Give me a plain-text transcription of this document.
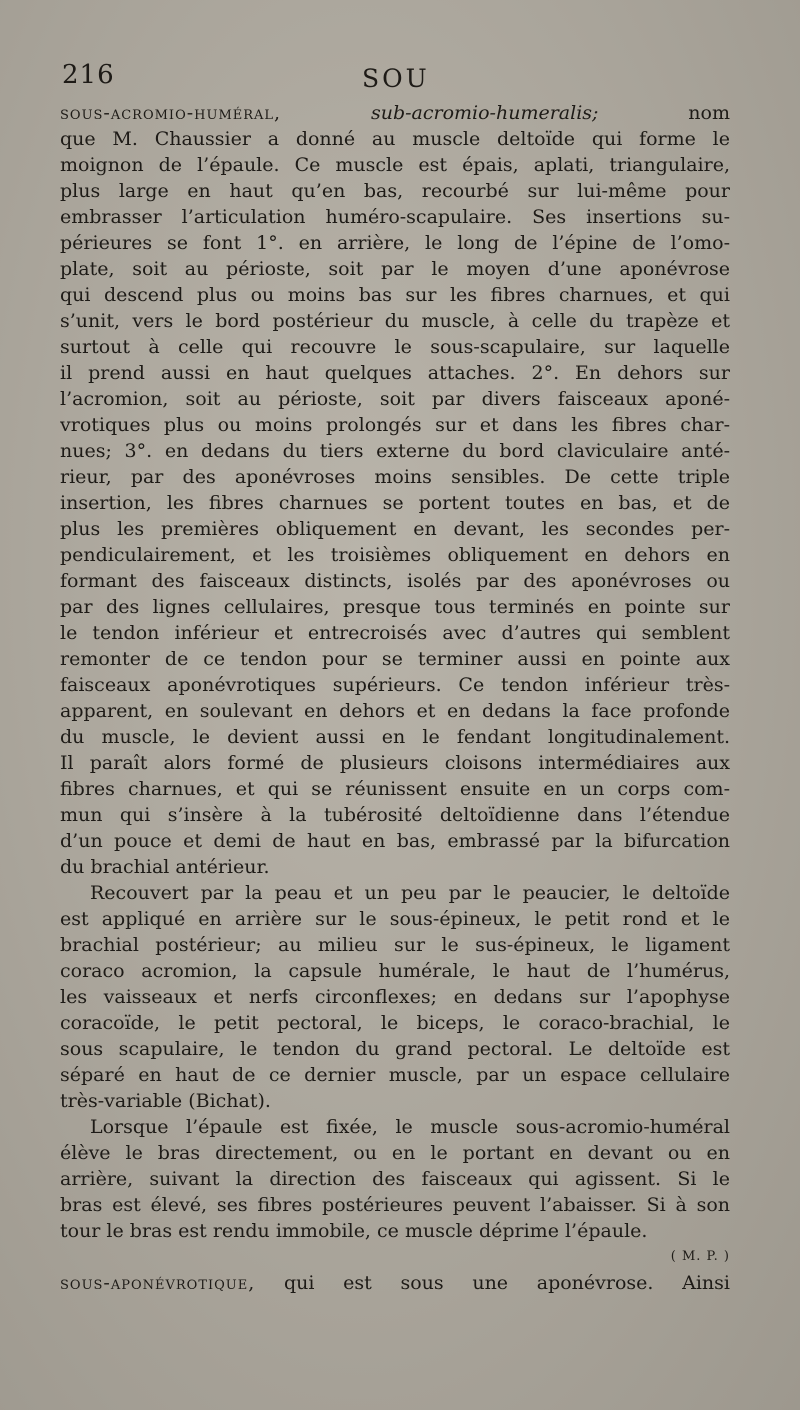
216	SOU
sous-acromio-huméral,	sub-acromio-humeralis; nom
que M. Chaussier a donné au muscle deltoïde qui forme le
moignon de l’épaule. Ce muscle est épais, aplati, triangulaire,
plus large en haut qu’en bas, recourbé sur lui-même pour
embrasser l’articulation huméro-scapulaire. Ses insertions su-
périeures se font 1°. en arrière, le long de l’épine de l’omo-
plate, soit au périoste, soit par le moyen d’une aponévrose
qui descend plus ou moins bas sur les fibres charnues, et qui
s’unit, vers le bord postérieur du muscle, à celle du trapèze et
surtout à celle qui recouvre le sous-scapulaire, sur laquelle
il prend aussi en haut quelques attaches. 2°. En dehors sur
l’acromion, soit au périoste, soit par divers faisceaux aponé-
vrotiques plus ou moins prolongés sur et dans les fibres char-
nues; 3°. en dedans du tiers externe du bord claviculaire anté-
rieur, par des aponévroses moins sensibles. De cette triple
insertion, les fibres charnues se portent toutes en bas, et de
plus les premières obliquement en devant, les secondes per-
pendiculairement, et les troisièmes obliquement en dehors en
formant des faisceaux distincts, isolés par des aponévroses ou
par des lignes cellulaires, presque tous terminés en pointe sur
le tendon inférieur et entrecroisés avec d’autres qui semblent
remonter de ce tendon pour se terminer aussi en pointe aux
faisceaux aponévrotiques supérieurs. Ce tendon inférieur très-
apparent, en soulevant en dehors et en dedans la face profonde
du muscle, le devient aussi en le fendant longitudinalement.
Il paraît alors formé de plusieurs cloisons intermédiaires aux
fibres charnues, et qui se réunissent ensuite en un corps com-
mun qui s’insère à la tubérosité deltoïdienne dans l’étendue
d’un pouce et demi de haut en bas, embrassé par la bifurcation
du brachial antérieur.
Recouvert par la peau et un peu par le peaucier, le deltoïde
est appliqué en arrière sur le sous-épineux, le petit rond et le
brachial postérieur; au milieu sur le sus-épineux, le ligament
coraco acromion, la capsule humérale, le haut de l’humérus,
les vaisseaux et nerfs circonflexes; en dedans sur l’apophyse
coracoïde, le petit pectoral, le biceps, le coraco-brachial, le
sous scapulaire, le tendon du grand pectoral. Le deltoïde est
séparé en haut de ce dernier muscle, par un espace cellulaire
très-variable (Bichat).
Lorsque l’épaule est fixée, le muscle sous-acromio-huméral
élève le bras directement, ou en le portant en devant ou en
arrière, suivant la direction des faisceaux qui agissent. Si le
bras est élevé, ses fibres postérieures peuvent l’abaisser. Si à son
tour le bras est rendu immobile, ce muscle déprime l’épaule.
( M. P. )
sous-aponévrotique, qui est sous une aponévrose. Ainsi
